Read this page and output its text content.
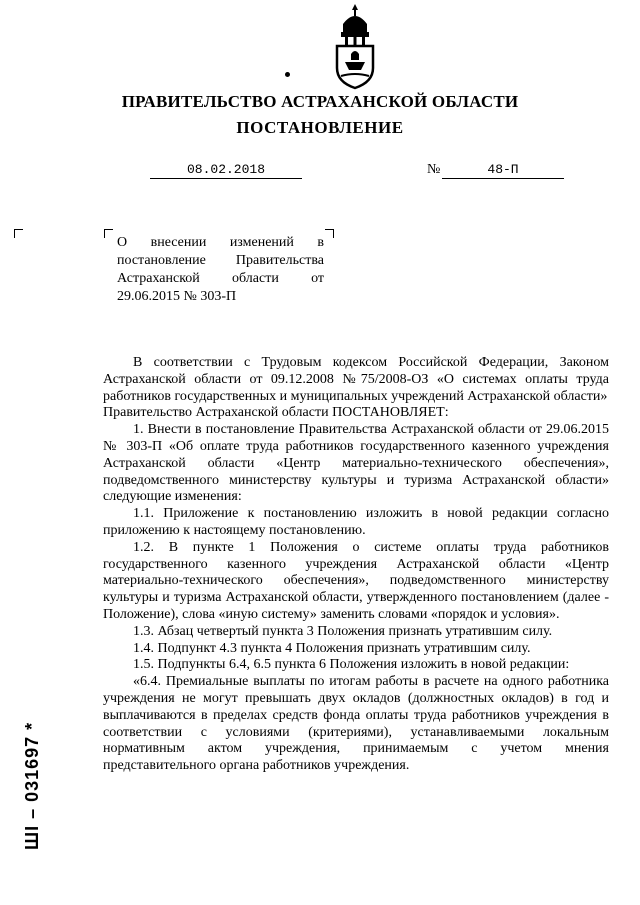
ПРАВИТЕЛЬСТВО АСТРАХАНСКОЙ ОБЛАСТИ
ПОСТАНОВЛЕНИЕ
08.02.2018	№	48-П
О внесении изменений в
постановление Правительства
Астраханской области от
29.06.2015 № 303-П

В соответствии с Трудовым кодексом Российской Федерации, Законом Астраханской области от 09.12.2008 №75/2008-ОЗ «О системах оплаты труда работников государственных и муниципальных учреждений Астраханской области»

Правительство Астраханской области ПОСТАНОВЛЯЕТ:

1. Внести в постановление Правительства Астраханской области от 29.06.2015 № 303-П «Об оплате труда работников государственного казенного учреждения Астраханской области «Центр материально-технического обеспечения», подведомственного министерству культуры и туризма Астраханской области» следующие изменения:

1.1. Приложение к постановлению изложить в новой редакции согласно приложению к настоящему постановлению.

1.2. В пункте 1 Положения о системе оплаты труда работников государственного казенного учреждения Астраханской области «Центр материально-технического обеспечения», подведомственного министерству культуры и туризма Астраханской области, утвержденного постановлением (далее - Положение), слова «иную систему» заменить словами «порядок и условия».

1.3. Абзац четвертый пункта 3 Положения признать утратившим силу.

1.4. Подпункт 4.3 пункта 4 Положения признать утратившим силу.

1.5. Подпункты 6.4, 6.5 пункта 6 Положения изложить в новой редакции:

«6.4. Премиальные выплаты по итогам работы в расчете на одного работника учреждения не могут превышать двух окладов (должностных окладов) в год и выплачиваются в пределах средств фонда оплаты труда работников учреждения в соответствии с условиями (критериями), устанавливаемыми локальным нормативным актом учреждения, принимаемым с учетом мнения представительного органа работников учреждения.

ШI – 031697 *
